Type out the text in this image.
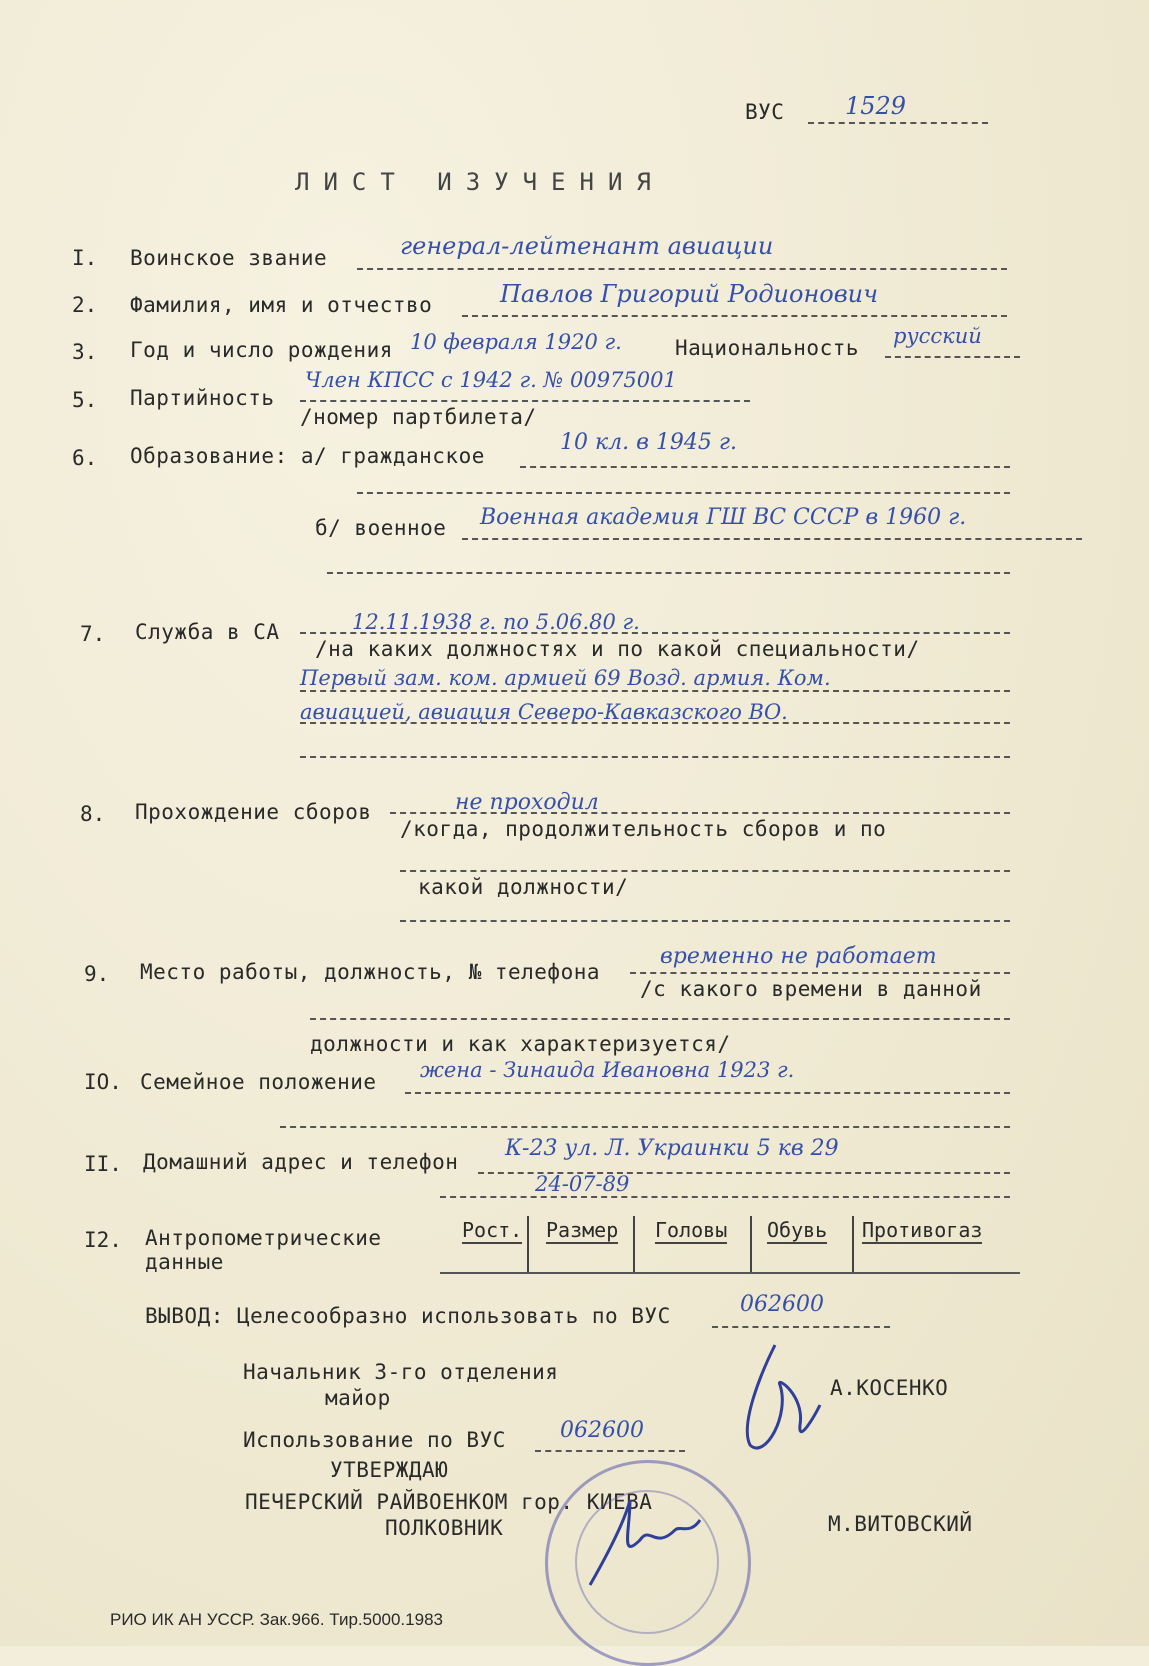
ВУС	1529
ЛИСТ ИЗУЧЕНИЯ
I. Воинское звание	генерал-лейтенант авиации
2. Фамилия, имя и отчество	Павлов Григорий Родионович
3. Год и число рождения 10 февраля 1920 г.	Национальность русский
5. Партийность
Член КПСС с 1942 г. № 00975001
/номер партбилета/
6. Образование: а/ гражданское
10 кл. в 1945 г.
б/ военное Военная академия ГШ ВС СССР в 1960 г.
7. Служба в СА	12.11.1938 г. по 5.06.80 г.
/на каких должностях и по какой специальности/
Первый зам. ком. армией 69 Возд. армия. Ком.
авиацией, авиация Северо-Кавказского ВО.
8. Прохождение сборов	не проходил
/когда, продолжительность сборов и по
какой должности/
9. Место работы, должность, № телефона
временно не работает
/с какого времени в данной
должности и как характеризуется/
IO. Семейное положение жена - Зинаида Ивановна 1923 г.
II. Домашний адрес и телефон
К-23 ул. Л. Украинки 5 кв 29
24-07-89
I2. Антропометрические
данные
Рост. Размер Головы Обувь Противогаз
ВЫВОД: Целесообразно использовать по ВУС	062600
Начальник 3-го отделения
майор	А.КОСЕНКО
Использование по ВУС 062600
УТВЕРЖДАЮ
ПЕЧЕРСКИЙ РАЙВОЕНКОМ гор. КИЕВА
ПОЛКОВНИК	М.ВИТОВСКИЙ
РИО ИК АН УССР. Зак.966. Тир.5000.1983
